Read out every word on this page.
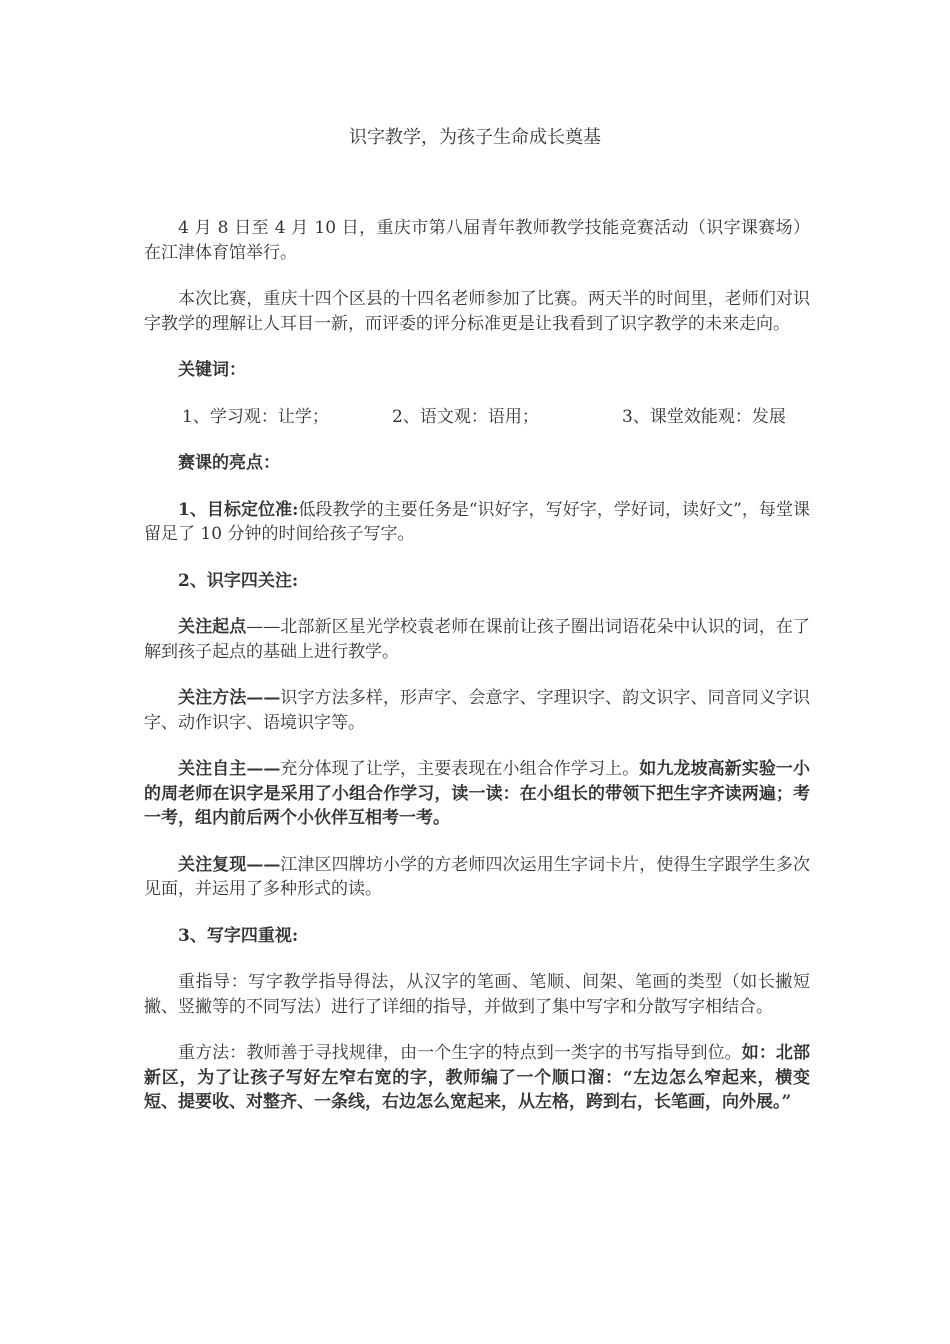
识字教学，为孩子生命成长奠基

4 月 8 日至 4 月 10 日，重庆市第八届青年教师教学技能竞赛活动（识字课赛场）在江津体育馆举行。

本次比赛，重庆十四个区县的十四名老师参加了比赛。两天半的时间里，老师们对识字教学的理解让人耳目一新，而评委的评分标准更是让我看到了识字教学的未来走向。

关键词：

1、学习观：让学；	2、语文观：语用；	3、课堂效能观：发展

赛课的亮点：

1、目标定位准:低段教学的主要任务是“识好字，写好字，学好词，读好文”，每堂课留足了 10 分钟的时间给孩子写字。

2、识字四关注:

关注起点——北部新区星光学校袁老师在课前让孩子圈出词语花朵中认识的词，在了解到孩子起点的基础上进行教学。

关注方法——识字方法多样，形声字、会意字、字理识字、韵文识字、同音同义字识字、动作识字、语境识字等。

关注自主——充分体现了让学，主要表现在小组合作学习上。如九龙坡高新实验一小的周老师在识字是采用了小组合作学习，读一读：在小组长的带领下把生字齐读两遍；考一考，组内前后两个小伙伴互相考一考。

关注复现——江津区四牌坊小学的方老师四次运用生字词卡片，使得生字跟学生多次见面，并运用了多种形式的读。

3、写字四重视:

重指导：写字教学指导得法，从汉字的笔画、笔顺、间架、笔画的类型（如长撇短撇、竖撇等的不同写法）进行了详细的指导，并做到了集中写字和分散写字相结合。

重方法：教师善于寻找规律，由一个生字的特点到一类字的书写指导到位。如：北部新区，为了让孩子写好左窄右宽的字，教师编了一个顺口溜：“左边怎么窄起来，横变短、提要收、对整齐、一条线，右边怎么宽起来，从左格，跨到右，长笔画，向外展。”
